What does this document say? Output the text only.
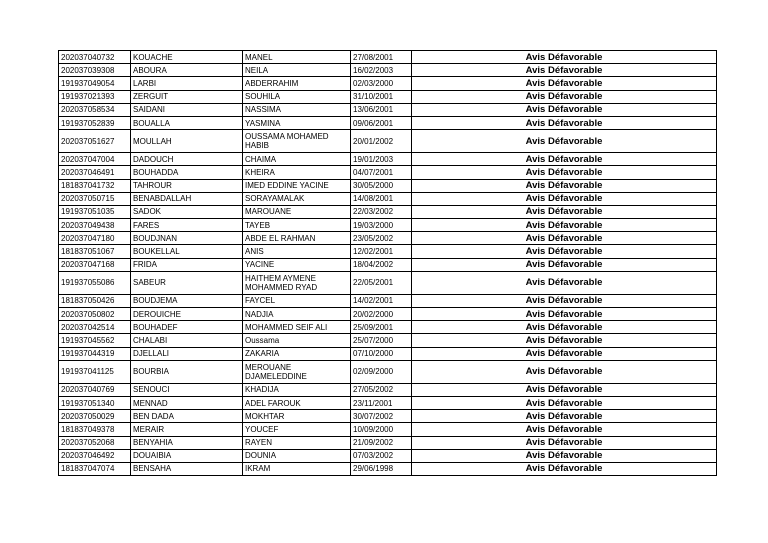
202037040732	KOUACHE	MANEL	27/08/2001	Avis Défavorable
202037039308	ABOURA	NEILA	16/02/2003	Avis Défavorable
191937049054	LARBI	ABDERRAHIM	02/03/2000	Avis Défavorable
191937021393	ZERGUIT	SOUHILA	31/10/2001	Avis Défavorable
202037058534	SAIDANI	NASSIMA	13/06/2001	Avis Défavorable
191937052839	BOUALLA	YASMINA	09/06/2001	Avis Défavorable
202037051627	MOULLAH	OUSSAMA MOHAMED HABIB	20/01/2002	Avis Défavorable
202037047004	DADOUCH	CHAIMA	19/01/2003	Avis Défavorable
202037046491	BOUHADDA	KHEIRA	04/07/2001	Avis Défavorable
181837041732	TAHROUR	IMED EDDINE YACINE	30/05/2000	Avis Défavorable
202037050715	BENABDALLAH	SORAYAMALAK	14/08/2001	Avis Défavorable
191937051035	SADOK	MAROUANE	22/03/2002	Avis Défavorable
202037049438	FARES	TAYEB	19/03/2000	Avis Défavorable
202037047180	BOUDJNAN	ABDE EL RAHMAN	23/05/2002	Avis Défavorable
181837051067	BOUKELLAL	ANIS	12/02/2001	Avis Défavorable
202037047168	FRIDA	YACINE	18/04/2002	Avis Défavorable
191937055086	SABEUR	HAITHEM AYMENE MOHAMMED RYAD	22/05/2001	Avis Défavorable
181837050426	BOUDJEMA	FAYCEL	14/02/2001	Avis Défavorable
202037050802	DEROUICHE	NADJIA	20/02/2000	Avis Défavorable
202037042514	BOUHADEF	MOHAMMED SEIF ALI	25/09/2001	Avis Défavorable
191937045562	CHALABI	Oussama	25/07/2000	Avis Défavorable
191937044319	DJELLALI	ZAKARIA	07/10/2000	Avis Défavorable
191937041125	BOURBIA	MEROUANE DJAMELEDDINE	02/09/2000	Avis Défavorable
202037040769	SENOUCI	KHADIJA	27/05/2002	Avis Défavorable
191937051340	MENNAD	ADEL FAROUK	23/11/2001	Avis Défavorable
202037050029	BEN DADA	MOKHTAR	30/07/2002	Avis Défavorable
181837049378	MERAIR	YOUCEF	10/09/2000	Avis Défavorable
202037052068	BENYAHIA	RAYEN	21/09/2002	Avis Défavorable
202037046492	DOUAIBIA	DOUNIA	07/03/2002	Avis Défavorable
181837047074	BENSAHA	IKRAM	29/06/1998	Avis Défavorable
